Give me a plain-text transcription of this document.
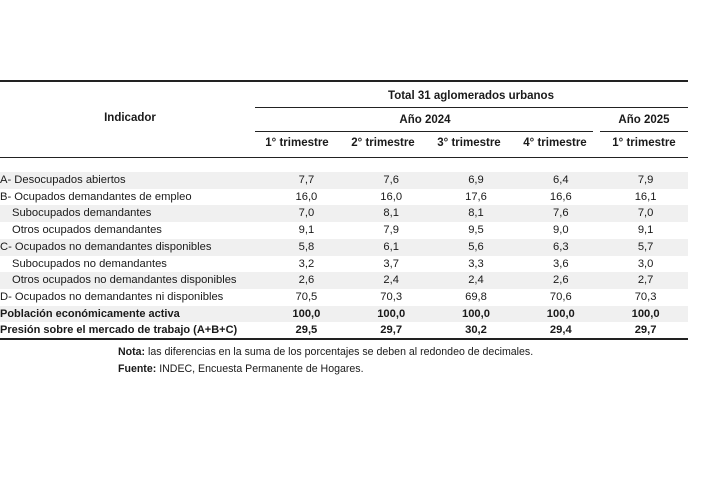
Indicador
Total 31 aglomerados urbanos
Año 2024	Año 2025
1° trimestre	2° trimestre	3° trimestre	4° trimestre	1° trimestre
A- Desocupados abiertos	7,7	7,6	6,9	6,4	7,9
B- Ocupados demandantes de empleo	16,0	16,0	17,6	16,6	16,1
Subocupados demandantes	7,0	8,1	8,1	7,6	7,0
Otros ocupados demandantes	9,1	7,9	9,5	9,0	9,1
C- Ocupados no demandantes disponibles	5,8	6,1	5,6	6,3	5,7
Subocupados no demandantes	3,2	3,7	3,3	3,6	3,0
Otros ocupados no demandantes disponibles	2,6	2,4	2,4	2,6	2,7
D- Ocupados no demandantes ni disponibles	70,5	70,3	69,8	70,6	70,3
Población económicamente activa	100,0	100,0	100,0	100,0	100,0
Presión sobre el mercado de trabajo (A+B+C)	29,5	29,7	30,2	29,4	29,7
Nota: las diferencias en la suma de los porcentajes se deben al redondeo de decimales.
Fuente: INDEC, Encuesta Permanente de Hogares.
